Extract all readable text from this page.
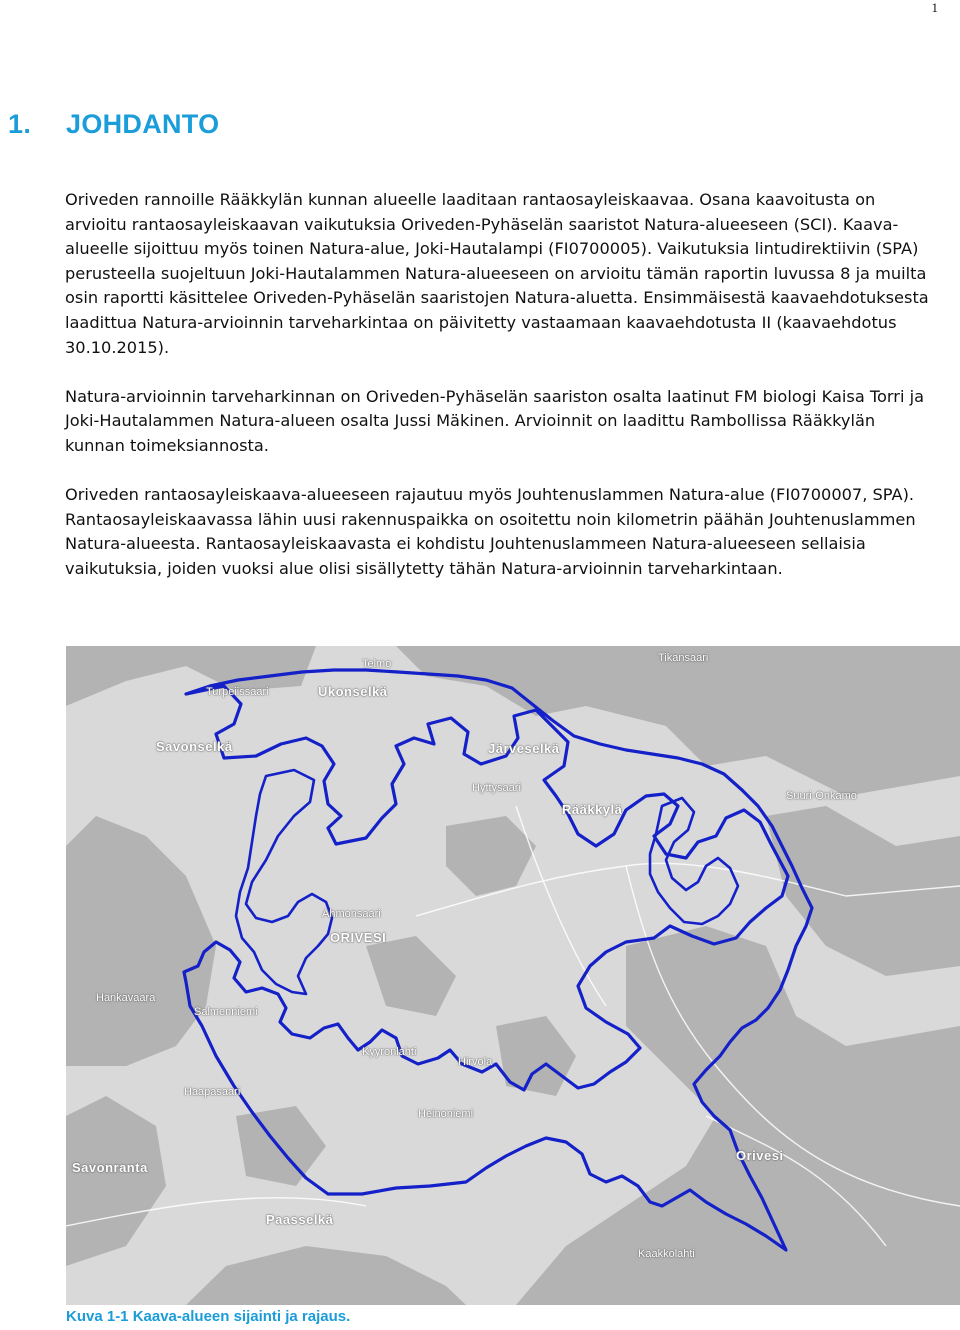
1
1. JOHDANTO

Oriveden rannoille Rääkkylän kunnan alueelle laaditaan rantaosayleiskaavaa. Osana kaavoitusta on arvioitu rantaosayleiskaavan vaikutuksia Oriveden-Pyhäselän saaristot Natura-alueeseen (SCI). Kaava-alueelle sijoittuu myös toinen Natura-alue, Joki-Hautalampi (FI0700005). Vaikutuksia lintudirektiivin (SPA) perusteella suojeltuun Joki-Hautalammen Natura-alueeseen on arvioitu tämän raportin luvussa 8 ja muilta osin raportti käsittelee Oriveden-Pyhäselän saaristojen Natura-aluetta. Ensimmäisestä kaavaehdotuksesta laadittua Natura-arvioinnin tarveharkintaa on päivitetty vastaamaan kaavaehdotusta II (kaavaehdotus 30.10.2015).

Natura-arvioinnin tarveharkinnan on Oriveden-Pyhäselän saariston osalta laatinut FM biologi Kaisa Torri ja Joki-Hautalammen Natura-alueen osalta Jussi Mäkinen. Arvioinnit on laadittu Rambollissa Rääkkylän kunnan toimeksiannosta.

Oriveden rantaosayleiskaava-alueeseen rajautuu myös Jouhtenuslammen Natura-alue (FI0700007, SPA). Rantaosayleiskaavassa lähin uusi rakennuspaikka on osoitettu noin kilometrin päähän Jouhtenuslammen Natura-alueesta. Rantaosayleiskaavasta ei kohdistu Jouhtenuslammeen Natura-alueeseen sellaisia vaikutuksia, joiden vuoksi alue olisi sisällytetty tähän Natura-arvioinnin tarveharkintaan.

Telmo	Tikansaari
Turpeiissaari	Ukonselkä
Savonselkä	Järveselkä
Hyttysaari
Rääkkylä
Suuri-Onkamo
Ahmonsaari
ORIVESI
Hankavaara
Salmenniemi
Kyyronlahti
Hirvola
Haapasaari
Heinoniemi
Savonranta
Paasselkä
Orivesi
Kaakkolahti
Kuva 1-1 Kaava-alueen sijainti ja rajaus.
